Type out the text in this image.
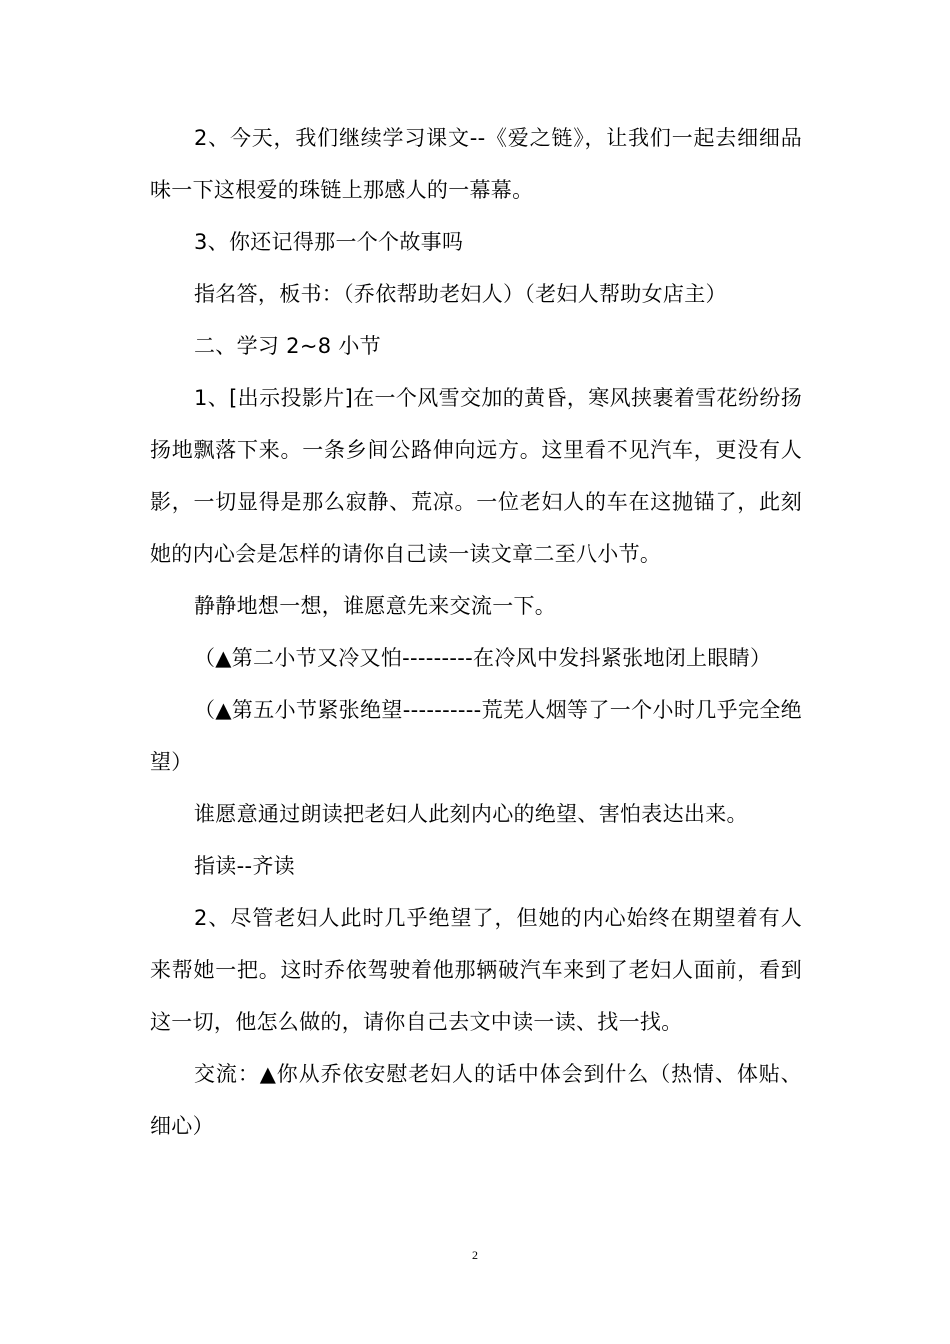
2、今天，我们继续学习课文--《爱之链》，让我们一起去细细品味一下这根爱的珠链上那感人的一幕幕。

3、你还记得那一个个故事吗

指名答，板书：（乔依帮助老妇人）（老妇人帮助女店主）

二、学习 2~8 小节

1、[出示投影片]在一个风雪交加的黄昏，寒风挟裹着雪花纷纷扬扬地飘落下来。一条乡间公路伸向远方。这里看不见汽车，更没有人影，一切显得是那么寂静、荒凉。一位老妇人的车在这抛锚了，此刻她的内心会是怎样的请你自己读一读文章二至八小节。

静静地想一想，谁愿意先来交流一下。

（▲第二小节又冷又怕---------在冷风中发抖紧张地闭上眼睛）

（▲第五小节紧张绝望----------荒芜人烟等了一个小时几乎完全绝望）

谁愿意通过朗读把老妇人此刻内心的绝望、害怕表达出来。

指读--齐读

2、尽管老妇人此时几乎绝望了，但她的内心始终在期望着有人来帮她一把。这时乔依驾驶着他那辆破汽车来到了老妇人面前，看到这一切，他怎么做的，请你自己去文中读一读、找一找。

交流：▲你从乔依安慰老妇人的话中体会到什么（热情、体贴、细心）

2
